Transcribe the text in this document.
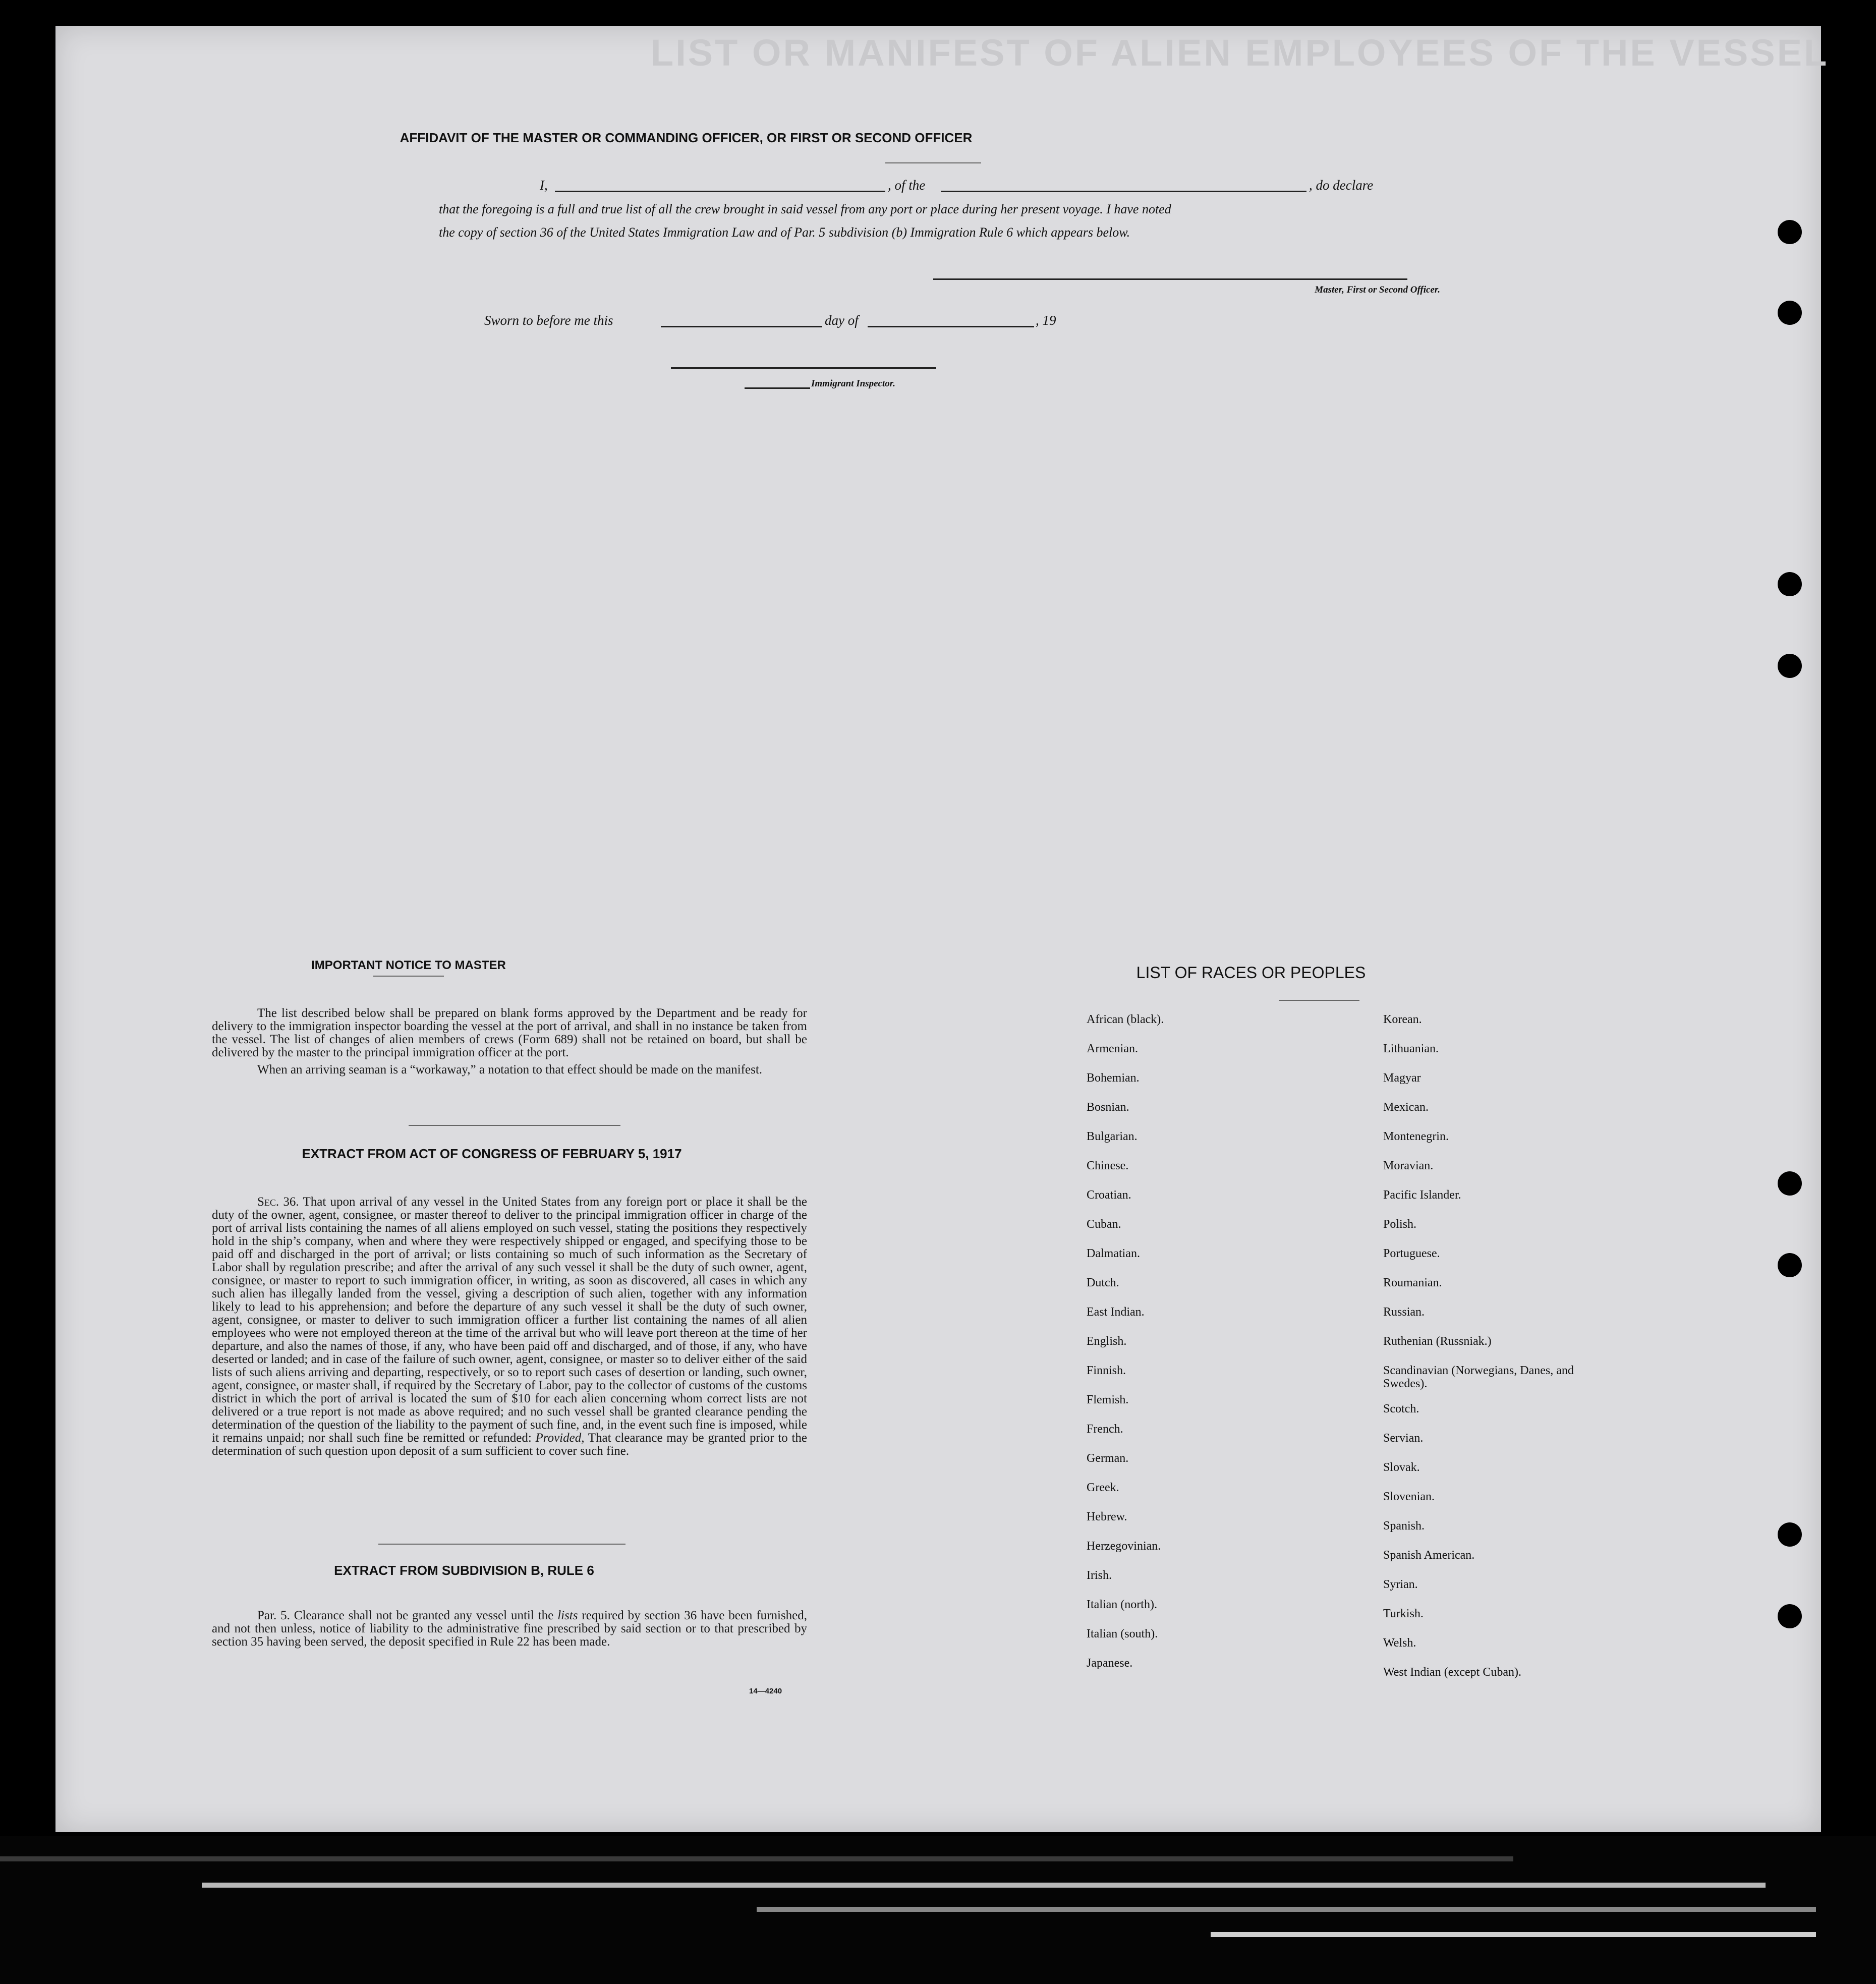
LIST OR MANIFEST OF ALIEN EMPLOYEES OF THE VESSEL
AFFIDAVIT OF THE MASTER OR COMMANDING OFFICER, OR FIRST OR SECOND OFFICER
I,	, of the	, do declare
that the foregoing is a full and true list of all the crew brought in said vessel from any port or place during her present voyage. I have noted
the copy of section 36 of the United States Immigration Law and of Par. 5 subdivision (b) Immigration Rule 6 which appears below.
Master, First or Second Officer.
Sworn to before me this	day of	, 19
Immigrant Inspector.
IMPORTANT NOTICE TO MASTER

The list described below shall be prepared on blank forms approved by the Department and be ready for delivery to the immigration inspector boarding the vessel at the port of arrival, and shall in no instance be taken from the vessel. The list of changes of alien members of crews (Form 689) shall not be retained on board, but shall be delivered by the master to the principal immigration officer at the port.

When an arriving seaman is a “workaway,” a notation to that effect should be made on the manifest.

EXTRACT FROM ACT OF CONGRESS OF FEBRUARY 5, 1917

Sec. 36. That upon arrival of any vessel in the United States from any foreign port or place it shall be the duty of the owner, agent, consignee, or master thereof to deliver to the principal immigration officer in charge of the port of arrival lists containing the names of all aliens employed on such vessel, stating the positions they respectively hold in the ship’s company, when and where they were respectively shipped or engaged, and specifying those to be paid off and discharged in the port of arrival; or lists containing so much of such information as the Secretary of Labor shall by regulation prescribe; and after the arrival of any such vessel it shall be the duty of such owner, agent, consignee, or master to report to such immigration officer, in writing, as soon as discovered, all cases in which any such alien has illegally landed from the vessel, giving a description of such alien, together with any information likely to lead to his apprehension; and before the departure of any such vessel it shall be the duty of such owner, agent, consignee, or master to deliver to such immigration officer a further list containing the names of all alien employees who were not employed thereon at the time of the arrival but who will leave port thereon at the time of her departure, and also the names of those, if any, who have been paid off and discharged, and of those, if any, who have deserted or landed; and in case of the failure of such owner, agent, consignee, or master so to deliver either of the said lists of such aliens arriving and departing, respectively, or so to report such cases of desertion or landing, such owner, agent, consignee, or master shall, if required by the Secretary of Labor, pay to the collector of customs of the customs district in which the port of arrival is located the sum of $10 for each alien concerning whom correct lists are not delivered or a true report is not made as above required; and no such vessel shall be granted clearance pending the determination of the question of the liability to the payment of such fine, and, in the event such fine is imposed, while it remains unpaid; nor shall such fine be remitted or refunded: Provided, That clearance may be granted prior to the determination of such question upon deposit of a sum sufficient to cover such fine.

EXTRACT FROM SUBDIVISION B, RULE 6

Par. 5. Clearance shall not be granted any vessel until the lists required by section 36 have been furnished, and not then unless, notice of liability to the administrative fine prescribed by said section or to that prescribed by section 35 having been served, the deposit specified in Rule 22 has been made.

14—4240
LIST OF RACES OR PEOPLES
African (black).
Armenian.
Bohemian.
Bosnian.
Bulgarian.
Chinese.
Croatian.
Cuban.
Dalmatian.
Dutch.
East Indian.
English.
Finnish.
Flemish.
French.
German.
Greek.
Hebrew.
Herzegovinian.
Irish.
Italian (north).
Italian (south).
Japanese.
Korean.
Lithuanian.
Magyar
Mexican.
Montenegrin.
Moravian.
Pacific Islander.
Polish.
Portuguese.
Roumanian.
Russian.
Ruthenian (Russniak.)
Scandinavian (Norwegians, Danes, and Swedes).
Scotch.
Servian.
Slovak.
Slovenian.
Spanish.
Spanish American.
Syrian.
Turkish.
Welsh.
West Indian (except Cuban).
